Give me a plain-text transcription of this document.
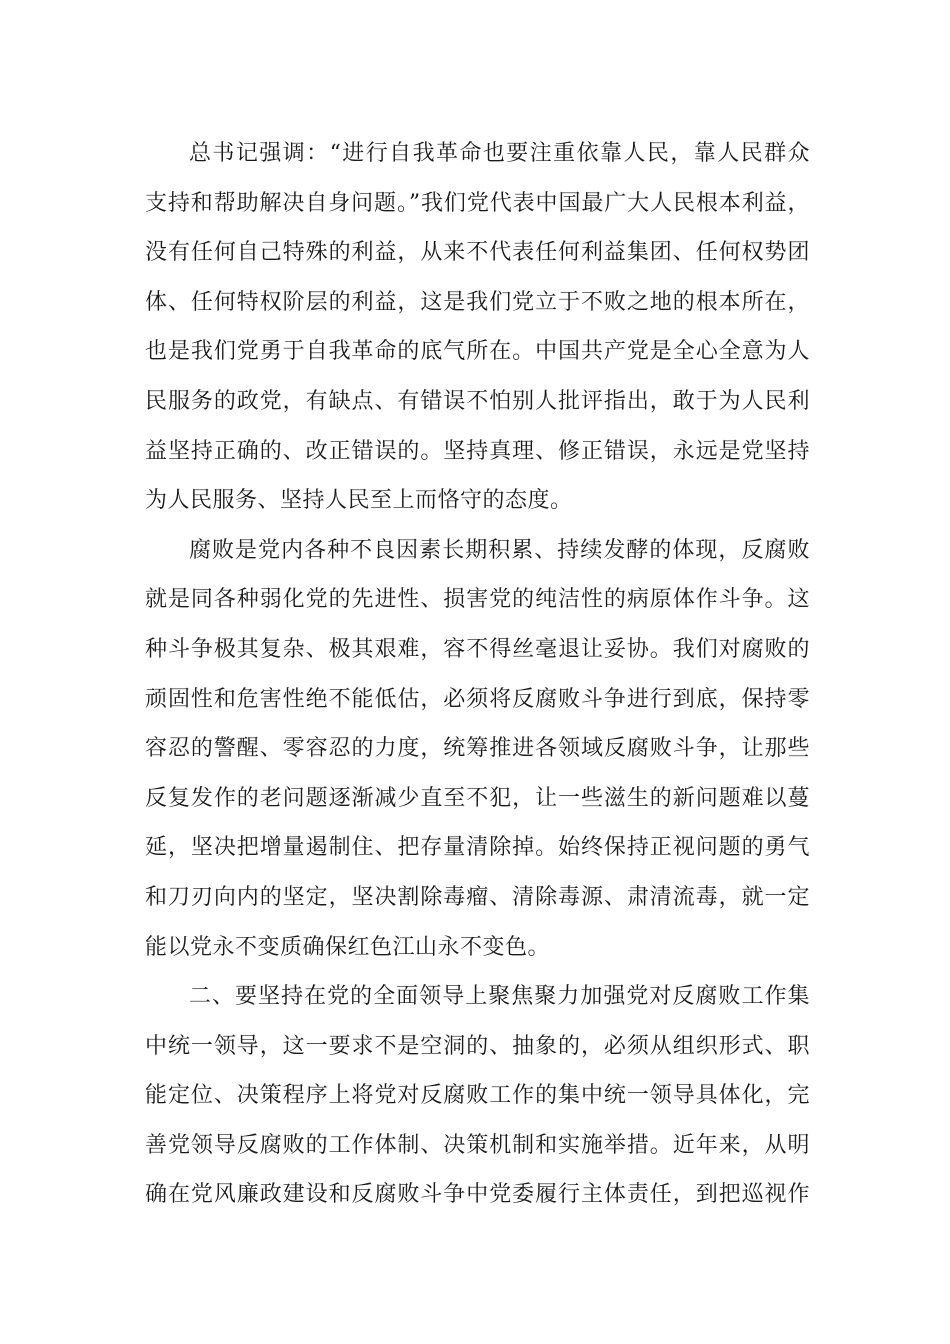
总书记强调：“进行自我革命也要注重依靠人民，靠人民群众
支持和帮助解决自身问题。”我们党代表中国最广大人民根本利益，
没有任何自己特殊的利益，从来不代表任何利益集团、任何权势团
体、任何特权阶层的利益，这是我们党立于不败之地的根本所在，
也是我们党勇于自我革命的底气所在。中国共产党是全心全意为人
民服务的政党，有缺点、有错误不怕别人批评指出，敢于为人民利
益坚持正确的、改正错误的。坚持真理、修正错误，永远是党坚持
为人民服务、坚持人民至上而恪守的态度。

腐败是党内各种不良因素长期积累、持续发酵的体现，反腐败
就是同各种弱化党的先进性、损害党的纯洁性的病原体作斗争。这
种斗争极其复杂、极其艰难，容不得丝毫退让妥协。我们对腐败的
顽固性和危害性绝不能低估，必须将反腐败斗争进行到底，保持零
容忍的警醒、零容忍的力度，统筹推进各领域反腐败斗争，让那些
反复发作的老问题逐渐减少直至不犯，让一些滋生的新问题难以蔓
延，坚决把增量遏制住、把存量清除掉。始终保持正视问题的勇气
和刀刃向内的坚定，坚决割除毒瘤、清除毒源、肃清流毒，就一定
能以党永不变质确保红色江山永不变色。

二、要坚持在党的全面领导上聚焦聚力加强党对反腐败工作集
中统一领导，这一要求不是空洞的、抽象的，必须从组织形式、职
能定位、决策程序上将党对反腐败工作的集中统一领导具体化，完
善党领导反腐败的工作体制、决策机制和实施举措。近年来，从明
确在党风廉政建设和反腐败斗争中党委履行主体责任，到把巡视作
